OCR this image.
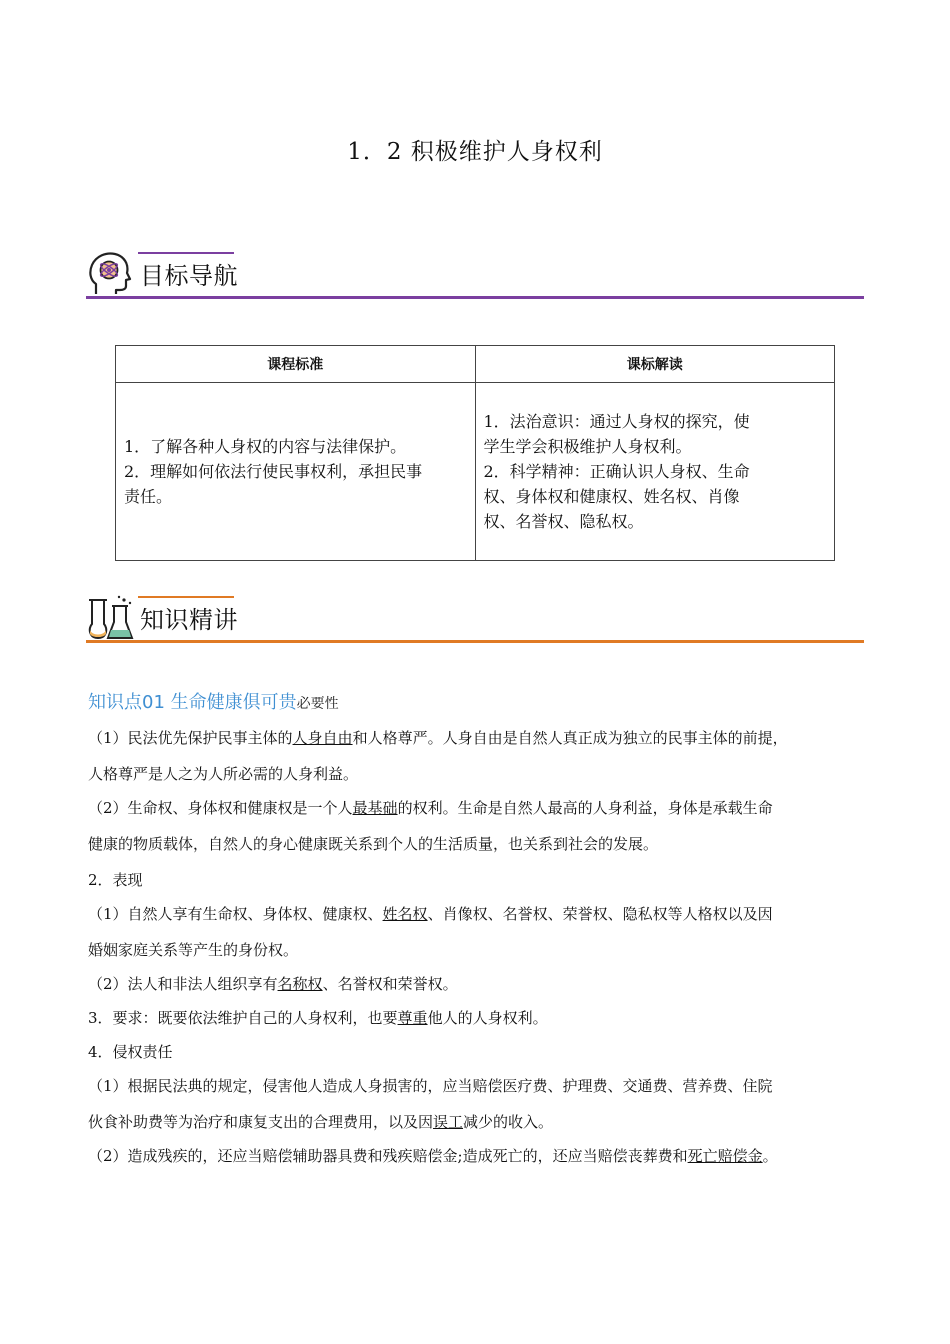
1．2 积极维护人身权利
目标导航
课程标准	课标解读

1．了解各种人身权的内容与法律保护。
2．理解如何依法行使民事权利，承担民事
责任。	1．法治意识：通过人身权的探究，使
学生学会积极维护人身权利。
2．科学精神：正确认识人身权、生命
权、身体权和健康权、姓名权、肖像
权、名誉权、隐私权。
知识精讲
知识点01 生命健康俱可贵必要性
（1）民法优先保护民事主体的人身自由和人格尊严。人身自由是自然人真正成为独立的民事主体的前提，
人格尊严是人之为人所必需的人身利益。
（2）生命权、身体权和健康权是一个人最基础的权利。生命是自然人最高的人身利益，身体是承载生命
健康的物质载体，自然人的身心健康既关系到个人的生活质量，也关系到社会的发展。
2．表现
（1）自然人享有生命权、身体权、健康权、姓名权、肖像权、名誉权、荣誉权、隐私权等人格权以及因
婚姻家庭关系等产生的身份权。
（2）法人和非法人组织享有名称权、名誉权和荣誉权。
3．要求：既要依法维护自己的人身权利，也要尊重他人的人身权利。
4．侵权责任
（1）根据民法典的规定，侵害他人造成人身损害的，应当赔偿医疗费、护理费、交通费、营养费、住院
伙食补助费等为治疗和康复支出的合理费用，以及因误工减少的收入。
（2）造成残疾的，还应当赔偿辅助器具费和残疾赔偿金;造成死亡的，还应当赔偿丧葬费和死亡赔偿金。
